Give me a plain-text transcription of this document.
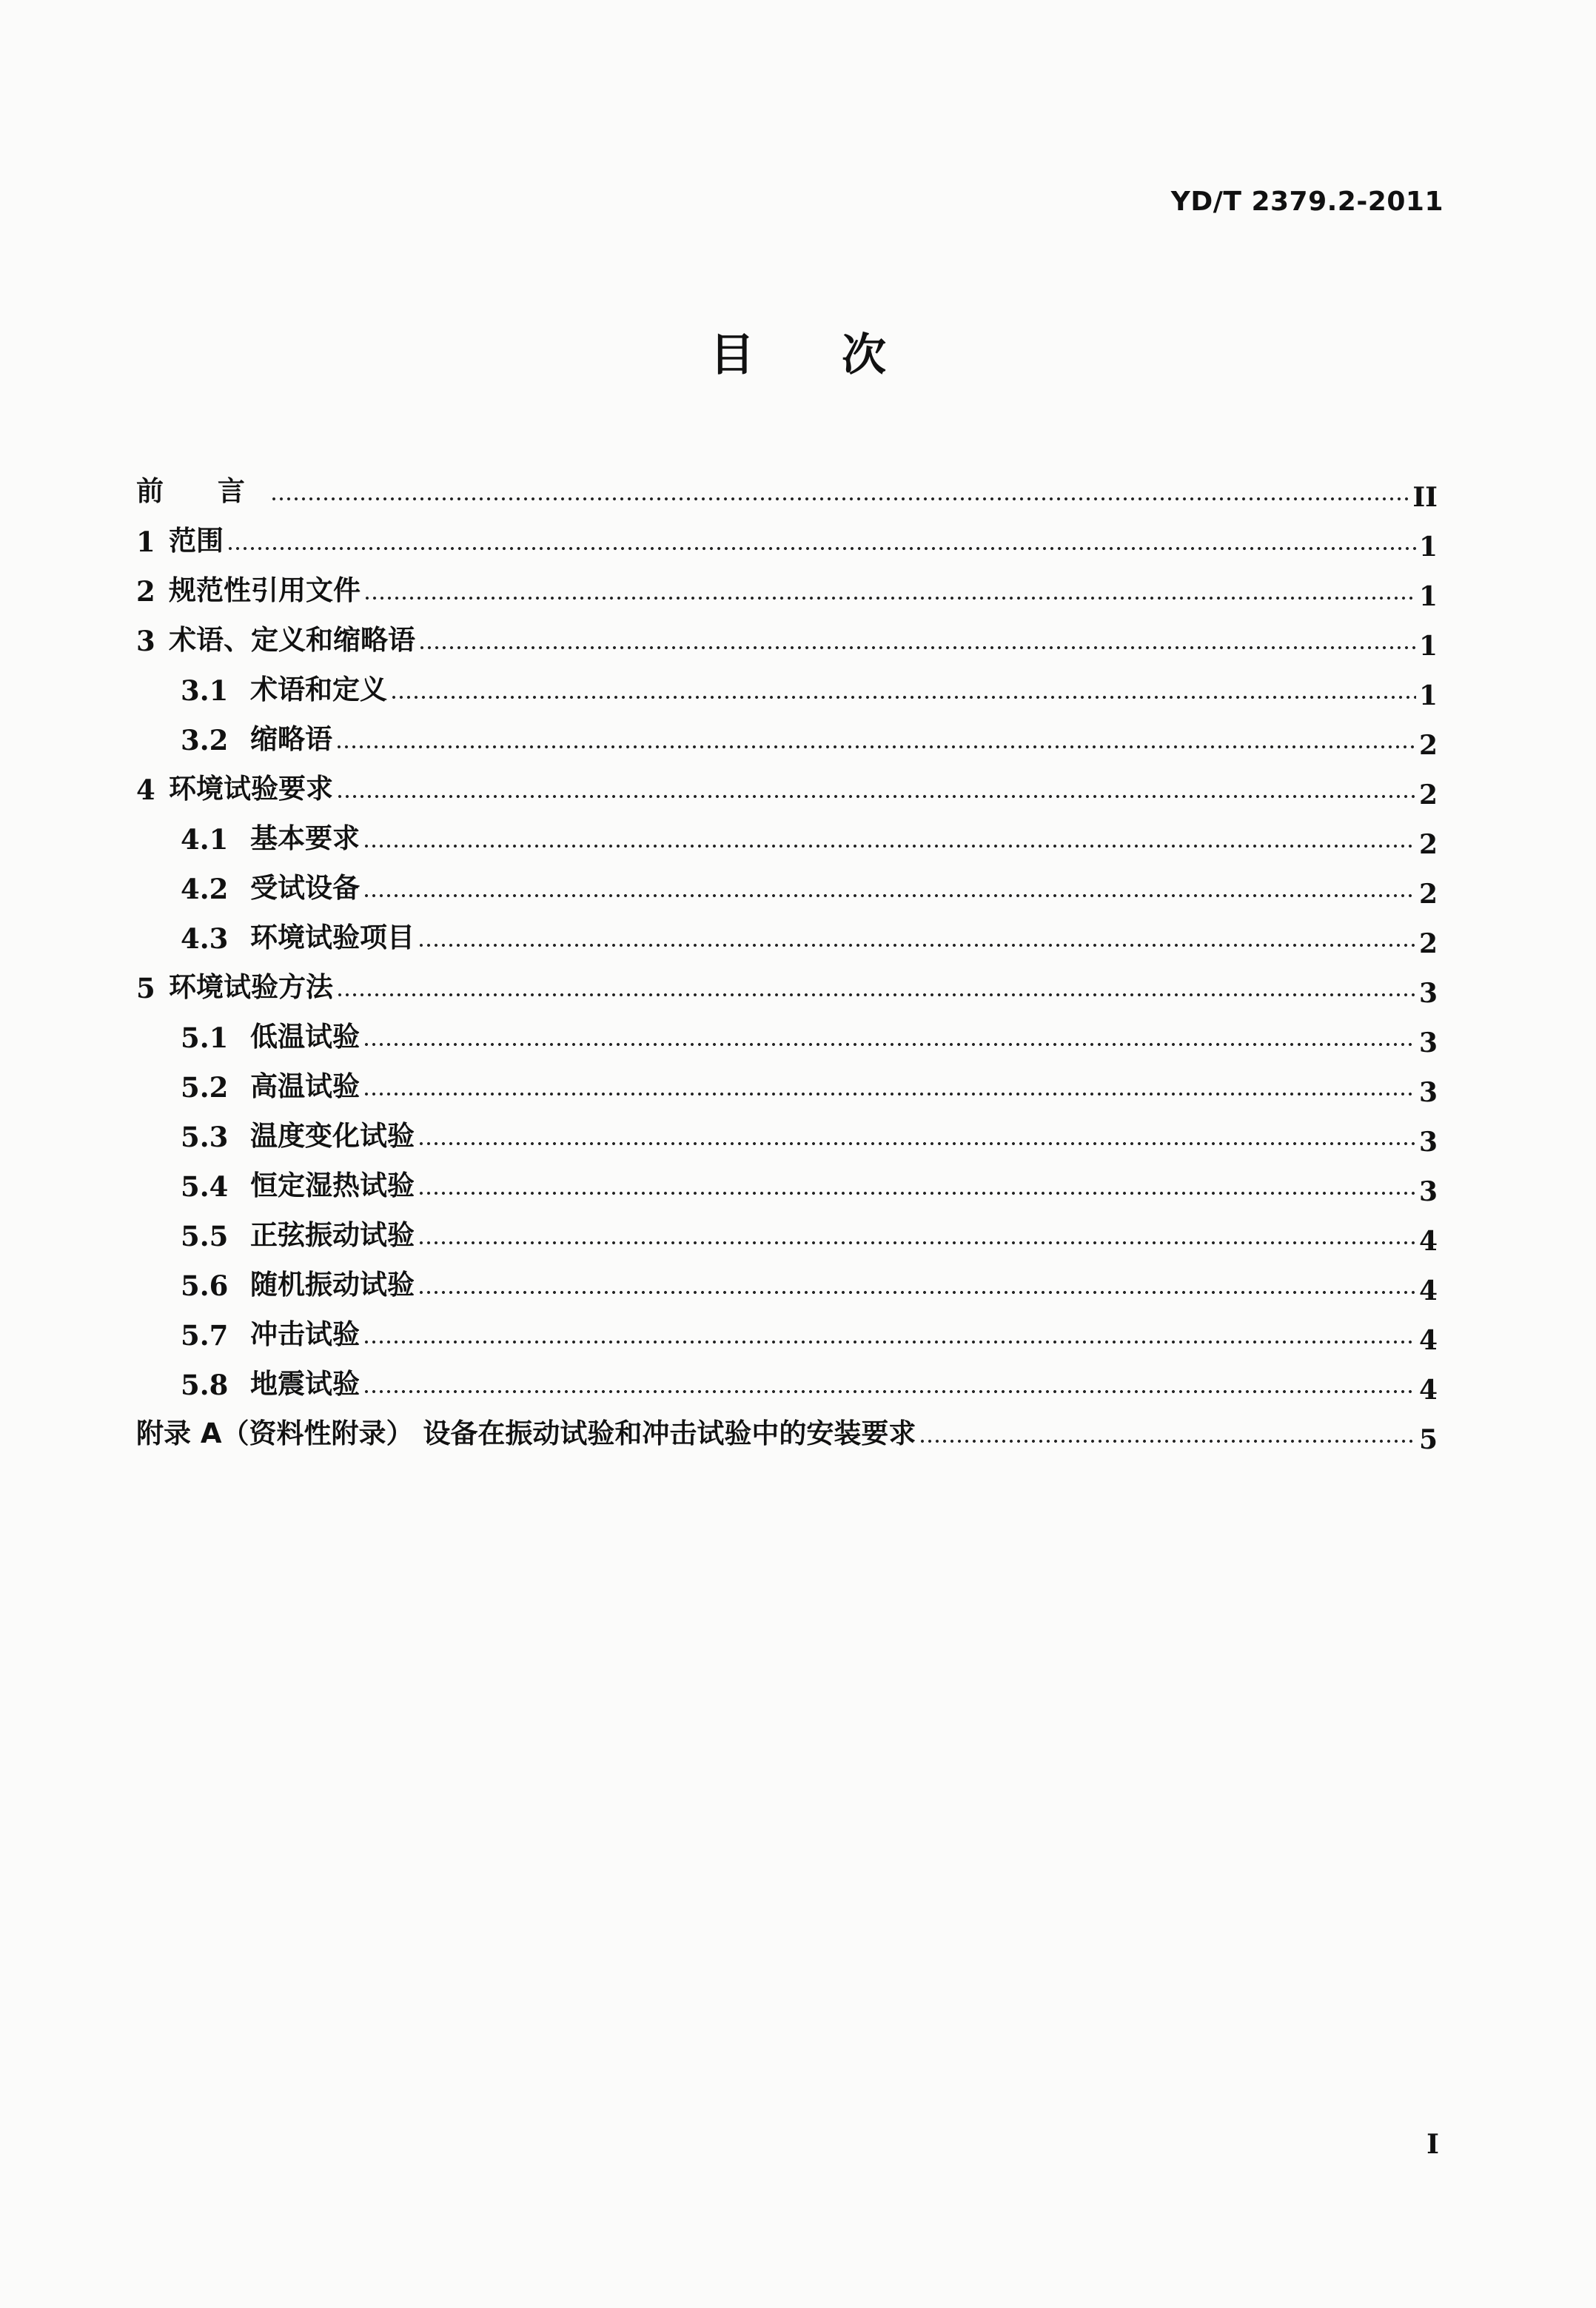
YD/T 2379.2-2011
目次
前 言	II
1 范围	1
2 规范性引用文件	1
3 术语、定义和缩略语	1
3.1 术语和定义	1
3.2 缩略语	2
4 环境试验要求	2
4.1 基本要求	2
4.2 受试设备	2
4.3 环境试验项目	2
5 环境试验方法	3
5.1 低温试验	3
5.2 高温试验	3
5.3 温度变化试验	3
5.4 恒定湿热试验	3
5.5 正弦振动试验	4
5.6 随机振动试验	4
5.7 冲击试验	4
5.8 地震试验	4
附录 A（资料性附录） 设备在振动试验和冲击试验中的安装要求	5
I
